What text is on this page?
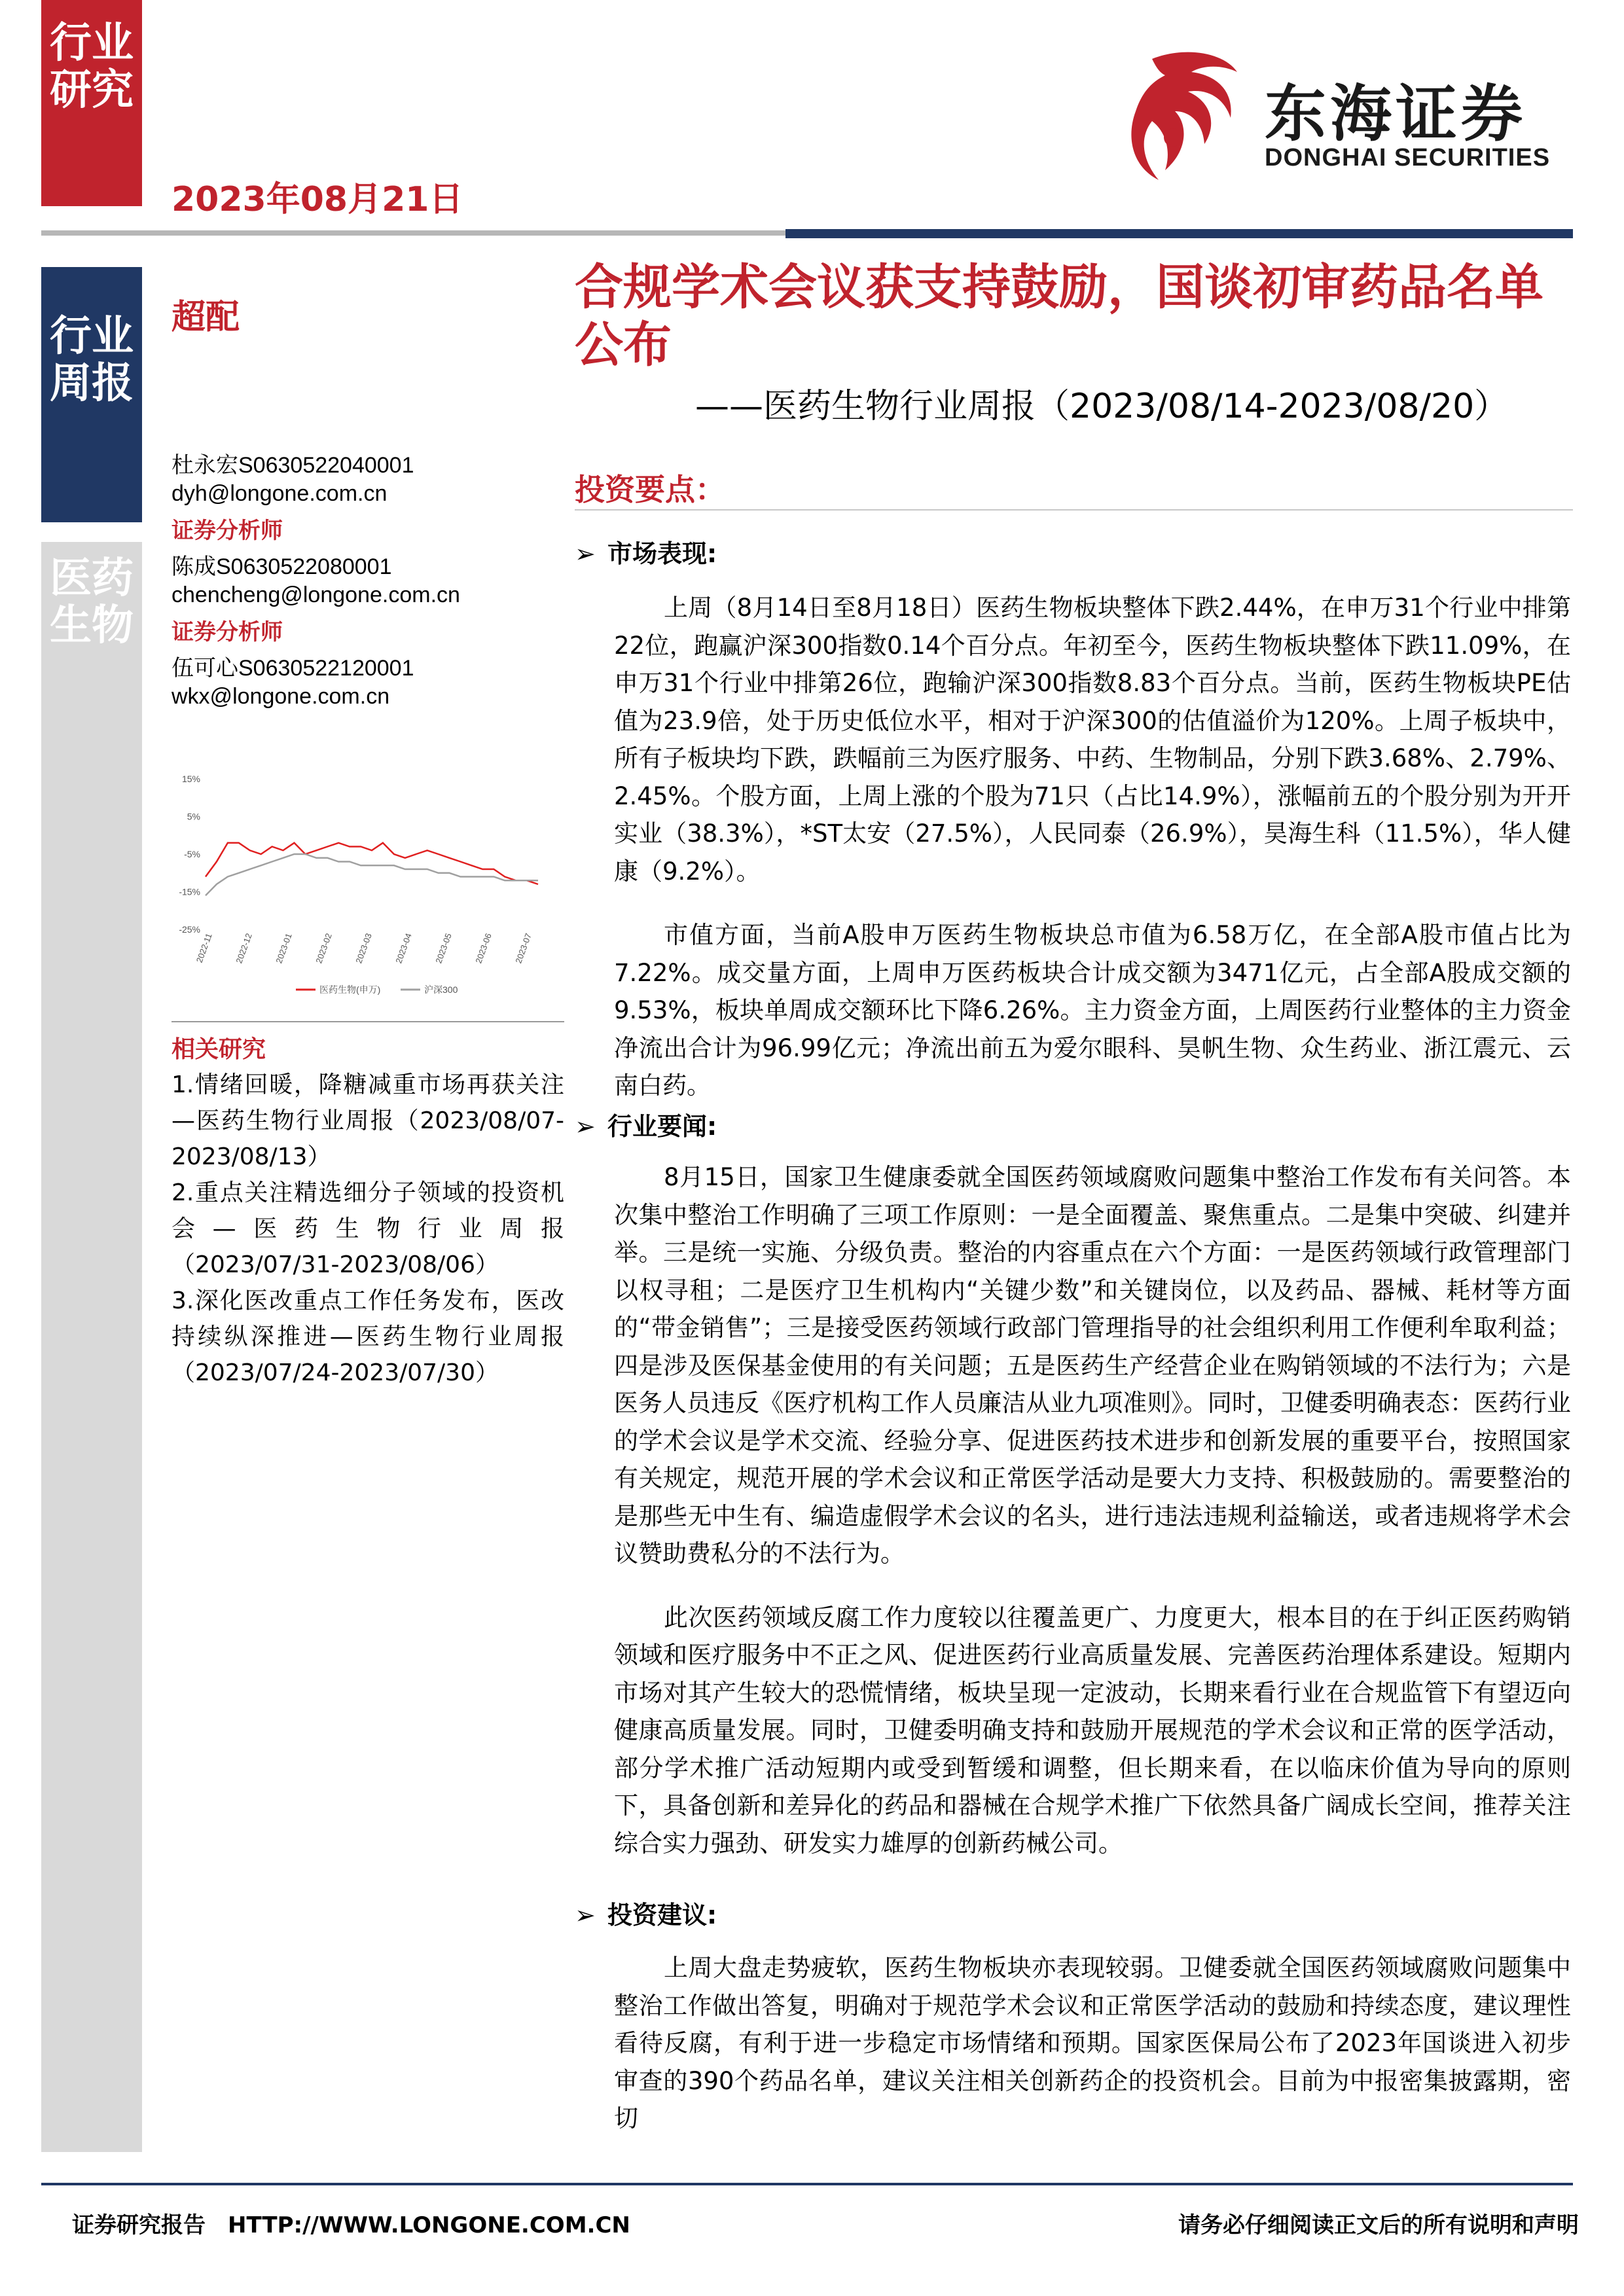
行业研究
行业周报
医药生物
2023年08月21日
东海证券
DONGHAI SECURITIES
超配
合规学术会议获支持鼓励，国谈初审药品名单公布
——医药生物行业周报（2023/08/14-2023/08/20）
杜永宏S0630522040001
dyh@longone.com.cn
证券分析师
陈成S0630522080001
chencheng@longone.com.cn
证券分析师
伍可心S0630522120001
wkx@longone.com.cn
15%
5%
-5%
-15%
-25%
2022-11 2022-12 2023-01 2023-02 2023-03 2023-04 2023-05 2023-06 2023-07
医药生物(申万)	沪深300
相关研究

1.情绪回暖，降糖减重市场再获关注—医药生物行业周报（2023/08/07-2023/08/13）

2.重点关注精选细分子领域的投资机会—医药生物行业周报（2023/07/31-2023/08/06）

3.深化医改重点工作任务发布，医改持续纵深推进—医药生物行业周报（2023/07/24-2023/07/30）

投资要点：
➢ 市场表现:

上周（8月14日至8月18日）医药生物板块整体下跌2.44%，在申万31个行业中排第22位，跑赢沪深300指数0.14个百分点。年初至今，医药生物板块整体下跌11.09%，在申万31个行业中排第26位，跑输沪深300指数8.83个百分点。当前，医药生物板块PE估值为23.9倍，处于历史低位水平，相对于沪深300的估值溢价为120%。上周子板块中，所有子板块均下跌，跌幅前三为医疗服务、中药、生物制品，分别下跌3.68%、2.79%、2.45%。个股方面，上周上涨的个股为71只（占比14.9%），涨幅前五的个股分别为开开实业（38.3%），*ST太安（27.5%），人民同泰（26.9%），昊海生科（11.5%），华人健康（9.2%）。

市值方面，当前A股申万医药生物板块总市值为6.58万亿，在全部A股市值占比为7.22%。成交量方面，上周申万医药板块合计成交额为3471亿元，占全部A股成交额的9.53%，板块单周成交额环比下降6.26%。主力资金方面，上周医药行业整体的主力资金净流出合计为96.99亿元；净流出前五为爱尔眼科、昊帆生物、众生药业、浙江震元、云南白药。

➢ 行业要闻:

8月15日，国家卫生健康委就全国医药领域腐败问题集中整治工作发布有关问答。本次集中整治工作明确了三项工作原则：一是全面覆盖、聚焦重点。二是集中突破、纠建并举。三是统一实施、分级负责。整治的内容重点在六个方面：一是医药领域行政管理部门以权寻租；二是医疗卫生机构内“关键少数”和关键岗位，以及药品、器械、耗材等方面的“带金销售”；三是接受医药领域行政部门管理指导的社会组织利用工作便利牟取利益；四是涉及医保基金使用的有关问题；五是医药生产经营企业在购销领域的不法行为；六是医务人员违反《医疗机构工作人员廉洁从业九项准则》。同时，卫健委明确表态：医药行业的学术会议是学术交流、经验分享、促进医药技术进步和创新发展的重要平台，按照国家有关规定，规范开展的学术会议和正常医学活动是要大力支持、积极鼓励的。需要整治的是那些无中生有、编造虚假学术会议的名头，进行违法违规利益输送，或者违规将学术会议赞助费私分的不法行为。

此次医药领域反腐工作力度较以往覆盖更广、力度更大，根本目的在于纠正医药购销领域和医疗服务中不正之风、促进医药行业高质量发展、完善医药治理体系建设。短期内市场对其产生较大的恐慌情绪，板块呈现一定波动，长期来看行业在合规监管下有望迈向健康高质量发展。同时，卫健委明确支持和鼓励开展规范的学术会议和正常的医学活动，部分学术推广活动短期内或受到暂缓和调整，但长期来看，在以临床价值为导向的原则下，具备创新和差异化的药品和器械在合规学术推广下依然具备广阔成长空间，推荐关注综合实力强劲、研发实力雄厚的创新药械公司。

➢ 投资建议:

上周大盘走势疲软，医药生物板块亦表现较弱。卫健委就全国医药领域腐败问题集中整治工作做出答复，明确对于规范学术会议和正常医学活动的鼓励和持续态度，建议理性看待反腐，有利于进一步稳定市场情绪和预期。国家医保局公布了2023年国谈进入初步审查的390个药品名单，建议关注相关创新药企的投资机会。目前为中报密集披露期，密切

证券研究报告　HTTP://WWW.LONGONE.COM.CN	请务必仔细阅读正文后的所有说明和声明
